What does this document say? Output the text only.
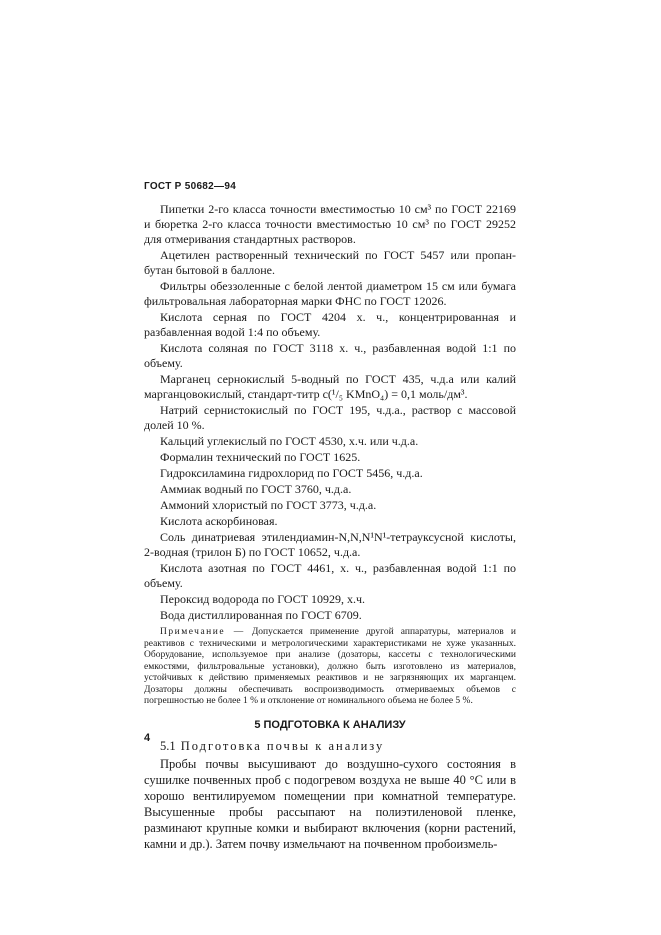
ГОСТ Р 50682—94

Пипетки 2-го класса точности вместимостью 10 см³ по ГОСТ 22169 и бюретка 2-го класса точности вместимостью 10 см³ по ГОСТ 29252 для отмеривания стандартных растворов.

Ацетилен растворенный технический по ГОСТ 5457 или пропан-бутан бытовой в баллоне.

Фильтры обеззоленные с белой лентой диаметром 15 см или бумага фильтровальная лабораторная марки ФНС по ГОСТ 12026.

Кислота серная по ГОСТ 4204 х. ч., концентрированная и разбавленная водой 1:4 по объему.

Кислота соляная по ГОСТ 3118 х. ч., разбавленная водой 1:1 по объему.

Марганец сернокислый 5-водный по ГОСТ 435, ч.д.а или калий марганцовокислый, стандарт-титр c(¹/₅ KMnO₄) = 0,1 моль/дм³.

Натрий сернистокислый по ГОСТ 195, ч.д.а., раствор с массовой долей 10 %.

Кальций углекислый по ГОСТ 4530, х.ч. или ч.д.а.

Формалин технический по ГОСТ 1625.

Гидроксиламина гидрохлорид по ГОСТ 5456, ч.д.а.

Аммиак водный по ГОСТ 3760, ч.д.а.

Аммоний хлористый по ГОСТ 3773, ч.д.а.

Кислота аскорбиновая.

Соль динатриевая этилендиамин-N,N,N¹N¹-тетрауксусной кислоты, 2-водная (трилон Б) по ГОСТ 10652, ч.д.а.

Кислота азотная по ГОСТ 4461, х. ч., разбавленная водой 1:1 по объему.

Пероксид водорода по ГОСТ 10929, х.ч.

Вода дистиллированная по ГОСТ 6709.

Примечание — Допускается применение другой аппаратуры, материалов и реактивов с техническими и метрологическими характеристиками не хуже указанных. Оборудование, используемое при анализе (дозаторы, кассеты с технологическими емкостями, фильтровальные установки), должно быть изготовлено из материалов, устойчивых к действию применяемых реактивов и не загрязняющих их марганцем. Дозаторы должны обеспечивать воспроизводимость отмериваемых объемов с погрешностью не более 1 % и отклонение от номинального объема не более 5 %.

5 ПОДГОТОВКА К АНАЛИЗУ

5.1 Подготовка почвы к анализу

Пробы почвы высушивают до воздушно-сухого состояния в сушилке почвенных проб с подогревом воздуха не выше 40 °С или в хорошо вентилируемом помещении при комнатной температуре. Высушенные пробы рассыпают на полиэтиленовой пленке, разминают крупные комки и выбирают включения (корни растений, камни и др.). Затем почву измельчают на почвенном пробоизмель-

4
